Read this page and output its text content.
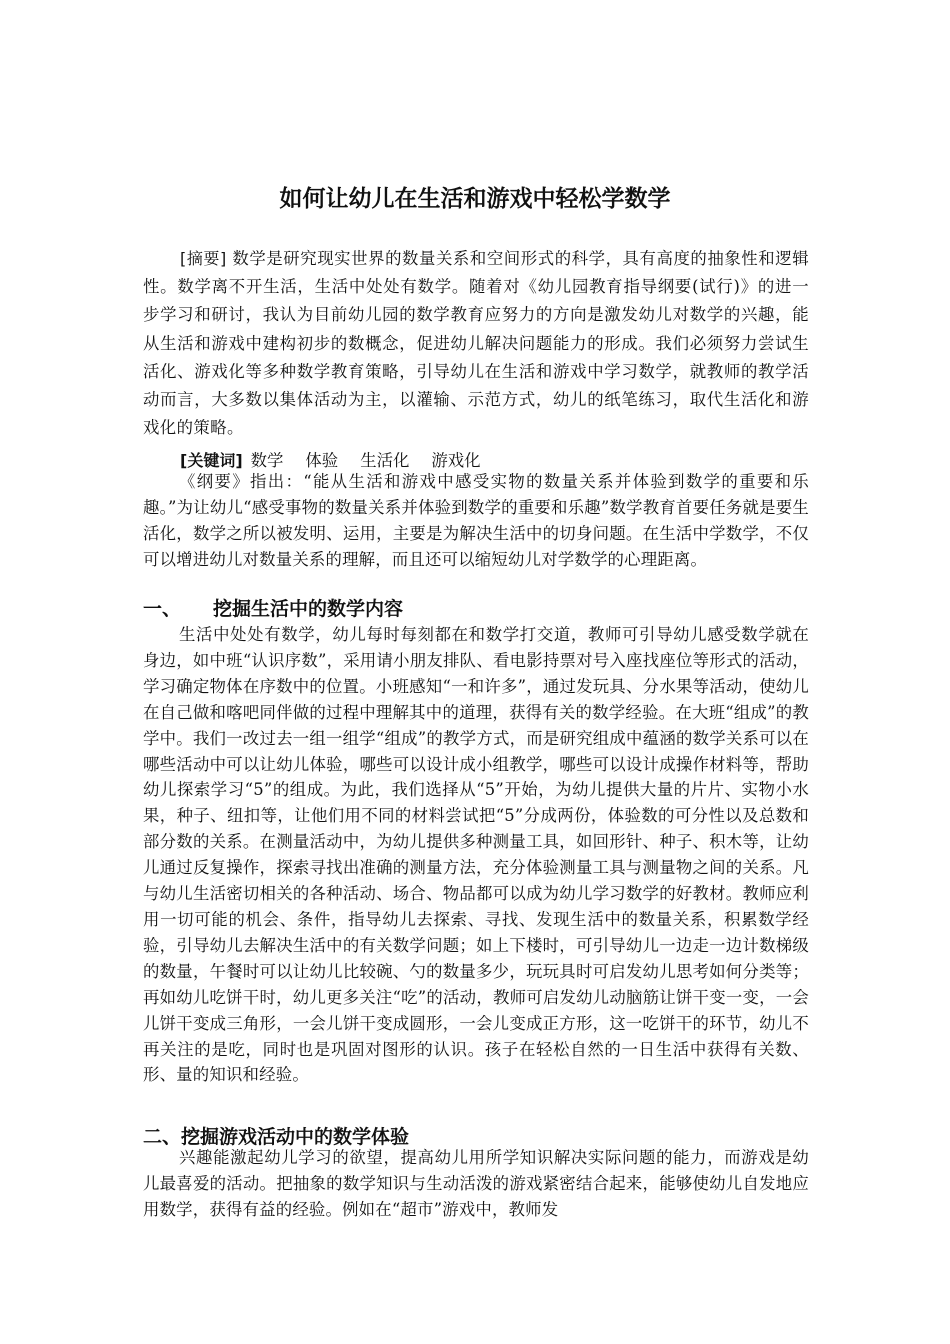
如何让幼儿在生活和游戏中轻松学数学

[摘要] 数学是研究现实世界的数量关系和空间形式的科学，具有高度的抽象性和逻辑性。数学离不开生活，生活中处处有数学。随着对《幼儿园教育指导纲要(试行)》的进一步学习和研讨，我认为目前幼儿园的数学教育应努力的方向是激发幼儿对数学的兴趣，能从生活和游戏中建构初步的数概念，促进幼儿解决问题能力的形成。我们必须努力尝试生活化、游戏化等多种数学教育策略，引导幼儿在生活和游戏中学习数学，就教师的教学活动而言，大多数以集体活动为主，以灌输、示范方式，幼儿的纸笔练习，取代生活化和游戏化的策略。

[关键词] 数学 体验 生活化 游戏化

《纲要》指出：“能从生活和游戏中感受实物的数量关系并体验到数学的重要和乐趣。”为让幼儿“感受事物的数量关系并体验到数学的重要和乐趣”数学教育首要任务就是要生活化，数学之所以被发明、运用，主要是为解决生活中的切身问题。在生活中学数学，不仅可以增进幼儿对数量关系的理解，而且还可以缩短幼儿对学数学的心理距离。

一、 挖掘生活中的数学内容

生活中处处有数学，幼儿每时每刻都在和数学打交道，教师可引导幼儿感受数学就在身边，如中班“认识序数”，采用请小朋友排队、看电影持票对号入座找座位等形式的活动，学习确定物体在序数中的位置。小班感知“一和许多”，通过发玩具、分水果等活动，使幼儿在自己做和喀吧同伴做的过程中理解其中的道理，获得有关的数学经验。在大班“组成”的教学中。我们一改过去一组一组学“组成”的教学方式，而是研究组成中蕴涵的数学关系可以在哪些活动中可以让幼儿体验，哪些可以设计成小组教学，哪些可以设计成操作材料等，帮助幼儿探索学习“5”的组成。为此，我们选择从“5”开始，为幼儿提供大量的片片、实物小水果，种子、纽扣等，让他们用不同的材料尝试把“5”分成两份，体验数的可分性以及总数和部分数的关系。在测量活动中，为幼儿提供多种测量工具，如回形针、种子、积木等，让幼儿通过反复操作，探索寻找出准确的测量方法，充分体验测量工具与测量物之间的关系。凡与幼儿生活密切相关的各种活动、场合、物品都可以成为幼儿学习数学的好教材。教师应利用一切可能的机会、条件，指导幼儿去探索、寻找、发现生活中的数量关系，积累数学经验，引导幼儿去解决生活中的有关数学问题；如上下楼时，可引导幼儿一边走一边计数梯级的数量，午餐时可以让幼儿比较碗、勺的数量多少，玩玩具时可启发幼儿思考如何分类等；再如幼儿吃饼干时，幼儿更多关注“吃”的活动，教师可启发幼儿动脑筋让饼干变一变，一会儿饼干变成三角形，一会儿饼干变成圆形，一会儿变成正方形，这一吃饼干的环节，幼儿不再关注的是吃，同时也是巩固对图形的认识。孩子在轻松自然的一日生活中获得有关数、形、量的知识和经验。

二、挖掘游戏活动中的数学体验

兴趣能激起幼儿学习的欲望，提高幼儿用所学知识解决实际问题的能力，而游戏是幼儿最喜爱的活动。把抽象的数学知识与生动活泼的游戏紧密结合起来，能够使幼儿自发地应用数学，获得有益的经验。例如在“超市”游戏中，教师发
